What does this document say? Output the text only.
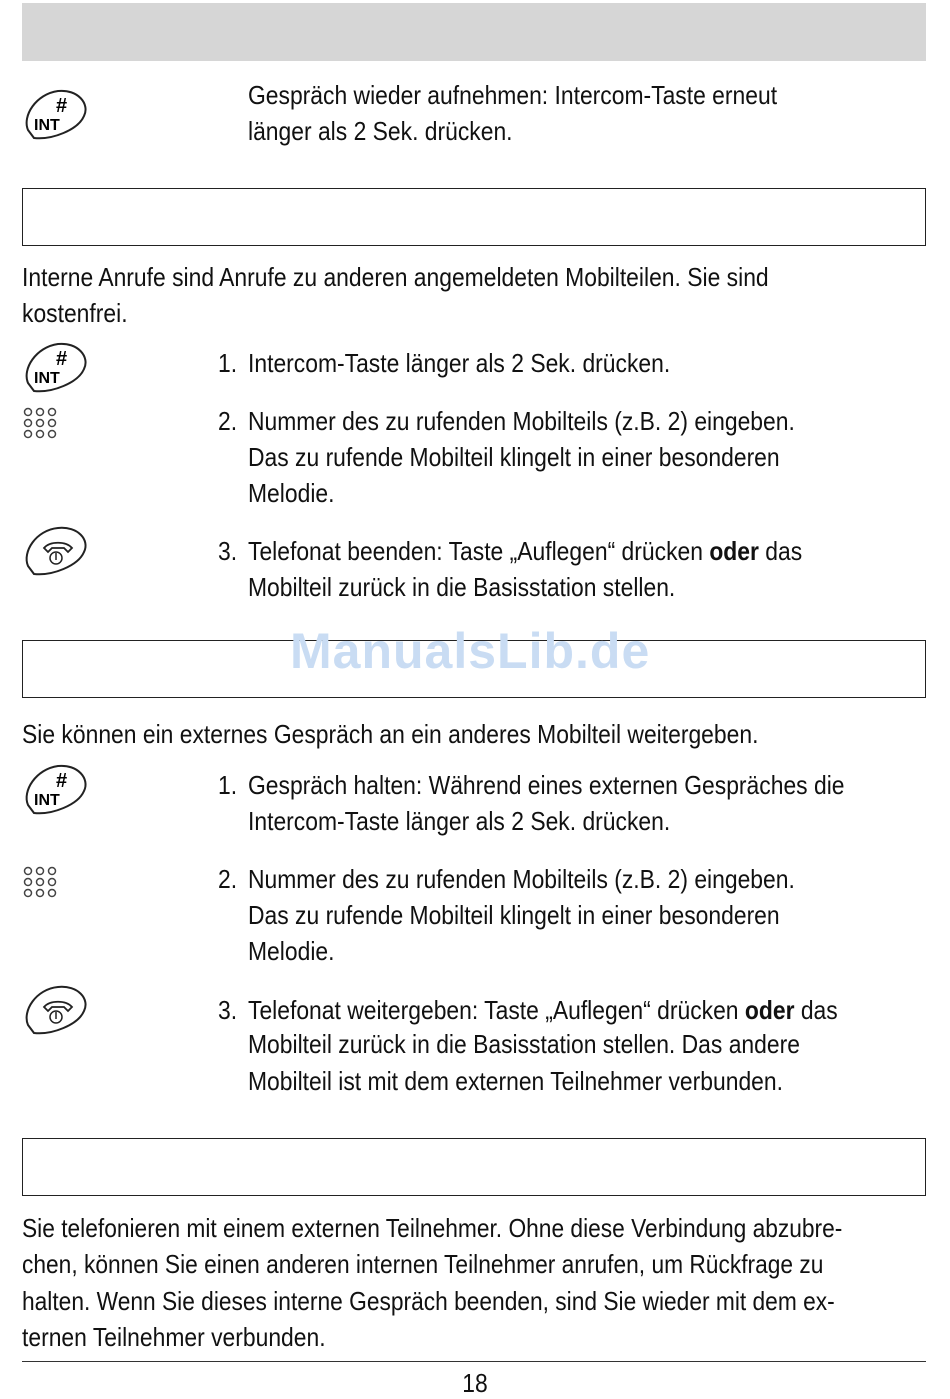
#
INT
Gespräch wieder aufnehmen: Intercom-Taste erneut
länger als 2 Sek. drücken.
Interne Anrufe sind Anrufe zu anderen angemeldeten Mobilteilen. Sie sind
kostenfrei.
#
INT
1. Intercom-Taste länger als 2 Sek. drücken.
2. Nummer des zu rufenden Mobilteils (z.B. 2) eingeben.
Das zu rufende Mobilteil klingelt in einer besonderen
Melodie.
3. Telefonat beenden: Taste „Auflegen“ drücken oder das
Mobilteil zurück in die Basisstation stellen.
ManualsLib.de
Sie können ein externes Gespräch an ein anderes Mobilteil weitergeben.
#
INT
1. Gespräch halten: Während eines externen Gespräches die
Intercom-Taste länger als 2 Sek. drücken.
2. Nummer des zu rufenden Mobilteils (z.B. 2) eingeben.
Das zu rufende Mobilteil klingelt in einer besonderen
Melodie.
3. Telefonat weitergeben: Taste „Auflegen“ drücken oder das
Mobilteil zurück in die Basisstation stellen. Das andere
Mobilteil ist mit dem externen Teilnehmer verbunden.
Sie telefonieren mit einem externen Teilnehmer. Ohne diese Verbindung abzubre-
chen, können Sie einen anderen internen Teilnehmer anrufen, um Rückfrage zu
halten. Wenn Sie dieses interne Gespräch beenden, sind Sie wieder mit dem ex-
ternen Teilnehmer verbunden.
18
